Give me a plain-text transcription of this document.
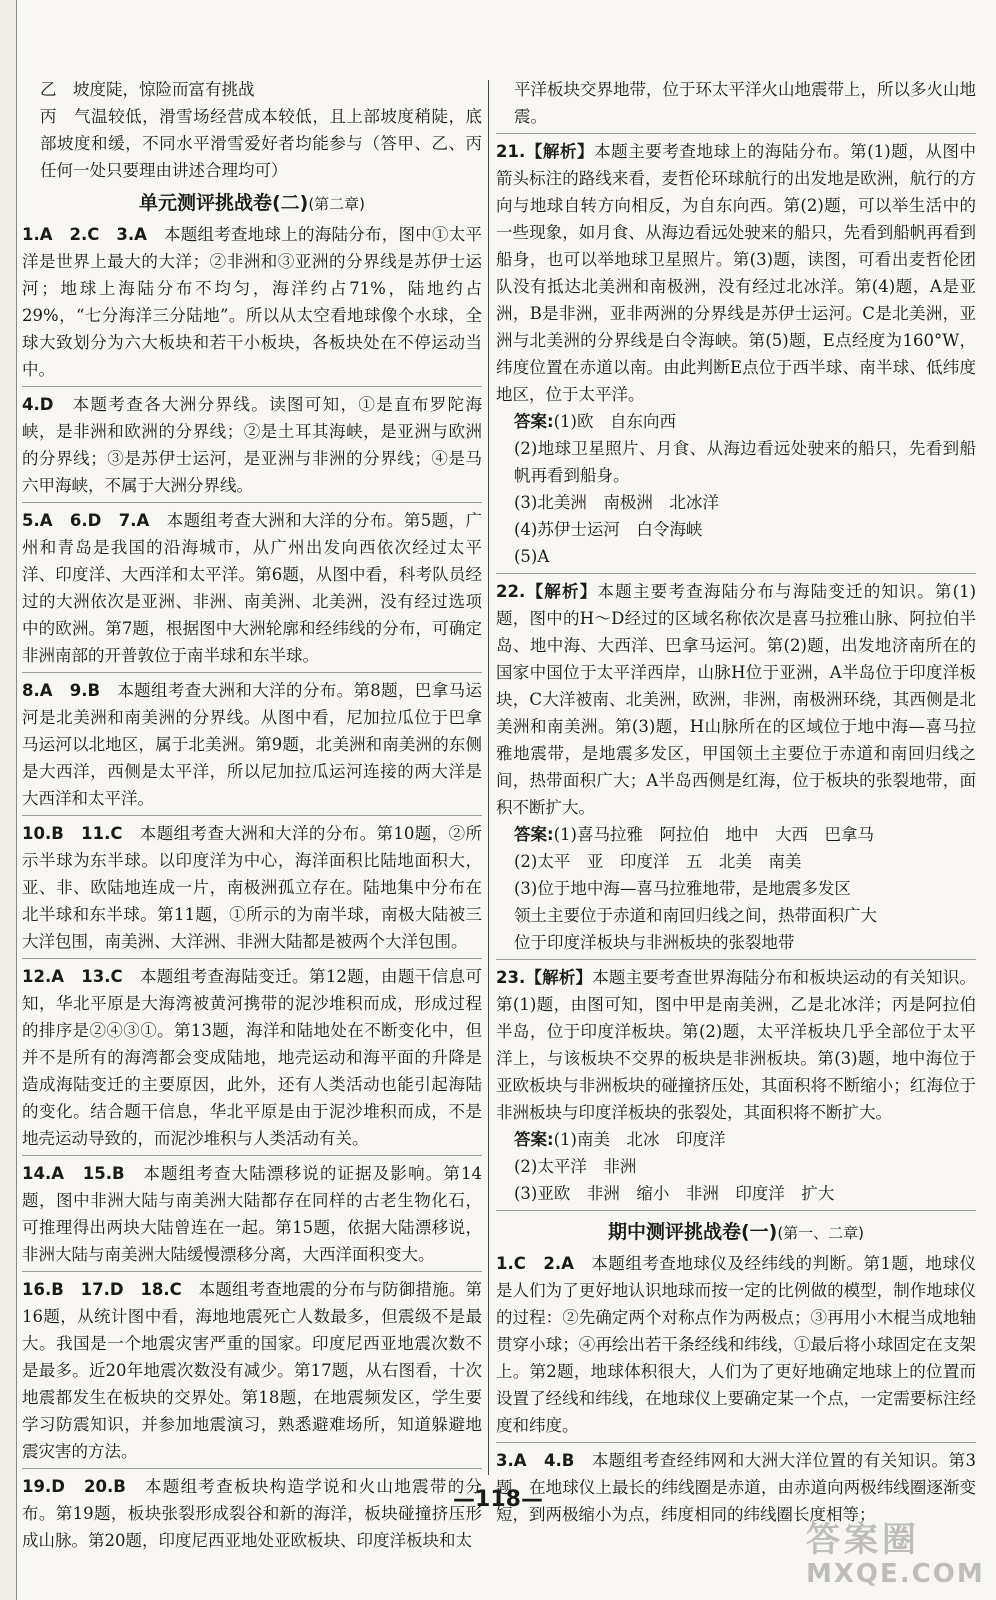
乙　坡度陡，惊险而富有挑战

丙　气温较低，滑雪场经营成本较低，且上部坡度稍陡，底部坡度和缓，不同水平滑雪爱好者均能参与（答甲、乙、丙任何一处只要理由讲述合理均可）

单元测评挑战卷(二)(第二章)

1.A　2.C　3.A　 本题组考查地球上的海陆分布，图中①太平洋是世界上最大的大洋；②非洲和③亚洲的分界线是苏伊士运河；地球上海陆分布不均匀，海洋约占71%，陆地约占29%，“七分海洋三分陆地”。所以从太空看地球像个水球，全球大致划分为六大板块和若干小板块，各板块处在不停运动当中。

4.D　 本题考查各大洲分界线。读图可知，①是直布罗陀海峡，是非洲和欧洲的分界线；②是土耳其海峡，是亚洲与欧洲的分界线；③是苏伊士运河，是亚洲与非洲的分界线；④是马六甲海峡，不属于大洲分界线。

5.A　6.D　7.A　 本题组考查大洲和大洋的分布。第5题，广州和青岛是我国的沿海城市，从广州出发向西依次经过太平洋、印度洋、大西洋和太平洋。第6题，从图中看，科考队员经过的大洲依次是亚洲、非洲、南美洲、北美洲，没有经过选项中的欧洲。第7题，根据图中大洲轮廓和经纬线的分布，可确定非洲南部的开普敦位于南半球和东半球。

8.A　9.B　 本题组考查大洲和大洋的分布。第8题，巴拿马运河是北美洲和南美洲的分界线。从图中看，尼加拉瓜位于巴拿马运河以北地区，属于北美洲。第9题，北美洲和南美洲的东侧是大西洋，西侧是太平洋，所以尼加拉瓜运河连接的两大洋是大西洋和太平洋。

10.B　11.C　 本题组考查大洲和大洋的分布。第10题，②所示半球为东半球。以印度洋为中心，海洋面积比陆地面积大，亚、非、欧陆地连成一片，南极洲孤立存在。陆地集中分布在北半球和东半球。第11题，①所示的为南半球，南极大陆被三大洋包围，南美洲、大洋洲、非洲大陆都是被两个大洋包围。

12.A　13.C　 本题组考查海陆变迁。第12题，由题干信息可知，华北平原是大海湾被黄河携带的泥沙堆积而成，形成过程的排序是②④③①。第13题，海洋和陆地处在不断变化中，但并不是所有的海湾都会变成陆地，地壳运动和海平面的升降是造成海陆变迁的主要原因，此外，还有人类活动也能引起海陆的变化。结合题干信息，华北平原是由于泥沙堆积而成，不是地壳运动导致的，而泥沙堆积与人类活动有关。

14.A　15.B　 本题组考查大陆漂移说的证据及影响。第14题，图中非洲大陆与南美洲大陆都存在同样的古老生物化石，可推理得出两块大陆曾连在一起。第15题，依据大陆漂移说，非洲大陆与南美洲大陆缓慢漂移分离，大西洋面积变大。

16.B　17.D　18.C　 本题组考查地震的分布与防御措施。第16题，从统计图中看，海地地震死亡人数最多，但震级不是最大。我国是一个地震灾害严重的国家。印度尼西亚地震次数不是最多。近20年地震次数没有减少。第17题，从右图看，十次地震都发生在板块的交界处。第18题，在地震频发区，学生要学习防震知识，并参加地震演习，熟悉避难场所，知道躲避地震灾害的方法。

19.D　20.B　 本题组考查板块构造学说和火山地震带的分布。第19题，板块张裂形成裂谷和新的海洋，板块碰撞挤压形成山脉。第20题，印度尼西亚地处亚欧板块、印度洋板块和太

平洋板块交界地带，位于环太平洋火山地震带上，所以多火山地震。

21.【解析】本题主要考查地球上的海陆分布。第(1)题，从图中箭头标注的路线来看，麦哲伦环球航行的出发地是欧洲，航行的方向与地球自转方向相反，为自东向西。第(2)题，可以举生活中的一些现象，如月食、从海边看远处驶来的船只，先看到船帆再看到船身，也可以举地球卫星照片。第(3)题，读图，可看出麦哲伦团队没有抵达北美洲和南极洲，没有经过北冰洋。第(4)题，A是亚洲，B是非洲，亚非两洲的分界线是苏伊士运河。C是北美洲，亚洲与北美洲的分界线是白令海峡。第(5)题，E点经度为160°W，纬度位置在赤道以南。由此判断E点位于西半球、南半球、低纬度地区，位于太平洋。

答案:(1)欧　自东向西

(2)地球卫星照片、月食、从海边看远处驶来的船只，先看到船帆再看到船身。

(3)北美洲　南极洲　北冰洋

(4)苏伊士运河　白令海峡

(5)A

22.【解析】本题主要考查海陆分布与海陆变迁的知识。第(1)题，图中的H～D经过的区域名称依次是喜马拉雅山脉、阿拉伯半岛、地中海、大西洋、巴拿马运河。第(2)题，出发地济南所在的国家中国位于太平洋西岸，山脉H位于亚洲，A半岛位于印度洋板块，C大洋被南、北美洲，欧洲，非洲，南极洲环绕，其西侧是北美洲和南美洲。第(3)题，H山脉所在的区域位于地中海—喜马拉雅地震带，是地震多发区，甲国领土主要位于赤道和南回归线之间，热带面积广大；A半岛西侧是红海，位于板块的张裂地带，面积不断扩大。

答案:(1)喜马拉雅　阿拉伯　地中　大西　巴拿马

(2)太平　亚　印度洋　五　北美　南美

(3)位于地中海—喜马拉雅地带，是地震多发区

领土主要位于赤道和南回归线之间，热带面积广大

位于印度洋板块与非洲板块的张裂地带

23.【解析】本题主要考查世界海陆分布和板块运动的有关知识。第(1)题，由图可知，图中甲是南美洲，乙是北冰洋；丙是阿拉伯半岛，位于印度洋板块。第(2)题，太平洋板块几乎全部位于太平洋上，与该板块不交界的板块是非洲板块。第(3)题，地中海位于亚欧板块与非洲板块的碰撞挤压处，其面积将不断缩小；红海位于非洲板块与印度洋板块的张裂处，其面积将不断扩大。

答案:(1)南美　北冰　印度洋

(2)太平洋　非洲

(3)亚欧　非洲　缩小　非洲　印度洋　扩大

期中测评挑战卷(一)(第一、二章)

1.C　2.A　 本题组考查地球仪及经纬线的判断。第1题，地球仪是人们为了更好地认识地球而按一定的比例做的模型，制作地球仪的过程：②先确定两个对称点作为两极点；③再用小木棍当成地轴贯穿小球；④再绘出若干条经线和纬线，①最后将小球固定在支架上。第2题，地球体积很大，人们为了更好地确定地球上的位置而设置了经线和纬线，在地球仪上要确定某一个点，一定需要标注经度和纬度。

3.A　4.B　 本题组考查经纬网和大洲大洋位置的有关知识。第3题，在地球仪上最长的纬线圈是赤道，由赤道向两极纬线圈逐渐变短，到两极缩小为点，纬度相同的纬线圈长度相等；

—118—
答案圈
MXQE.COM
